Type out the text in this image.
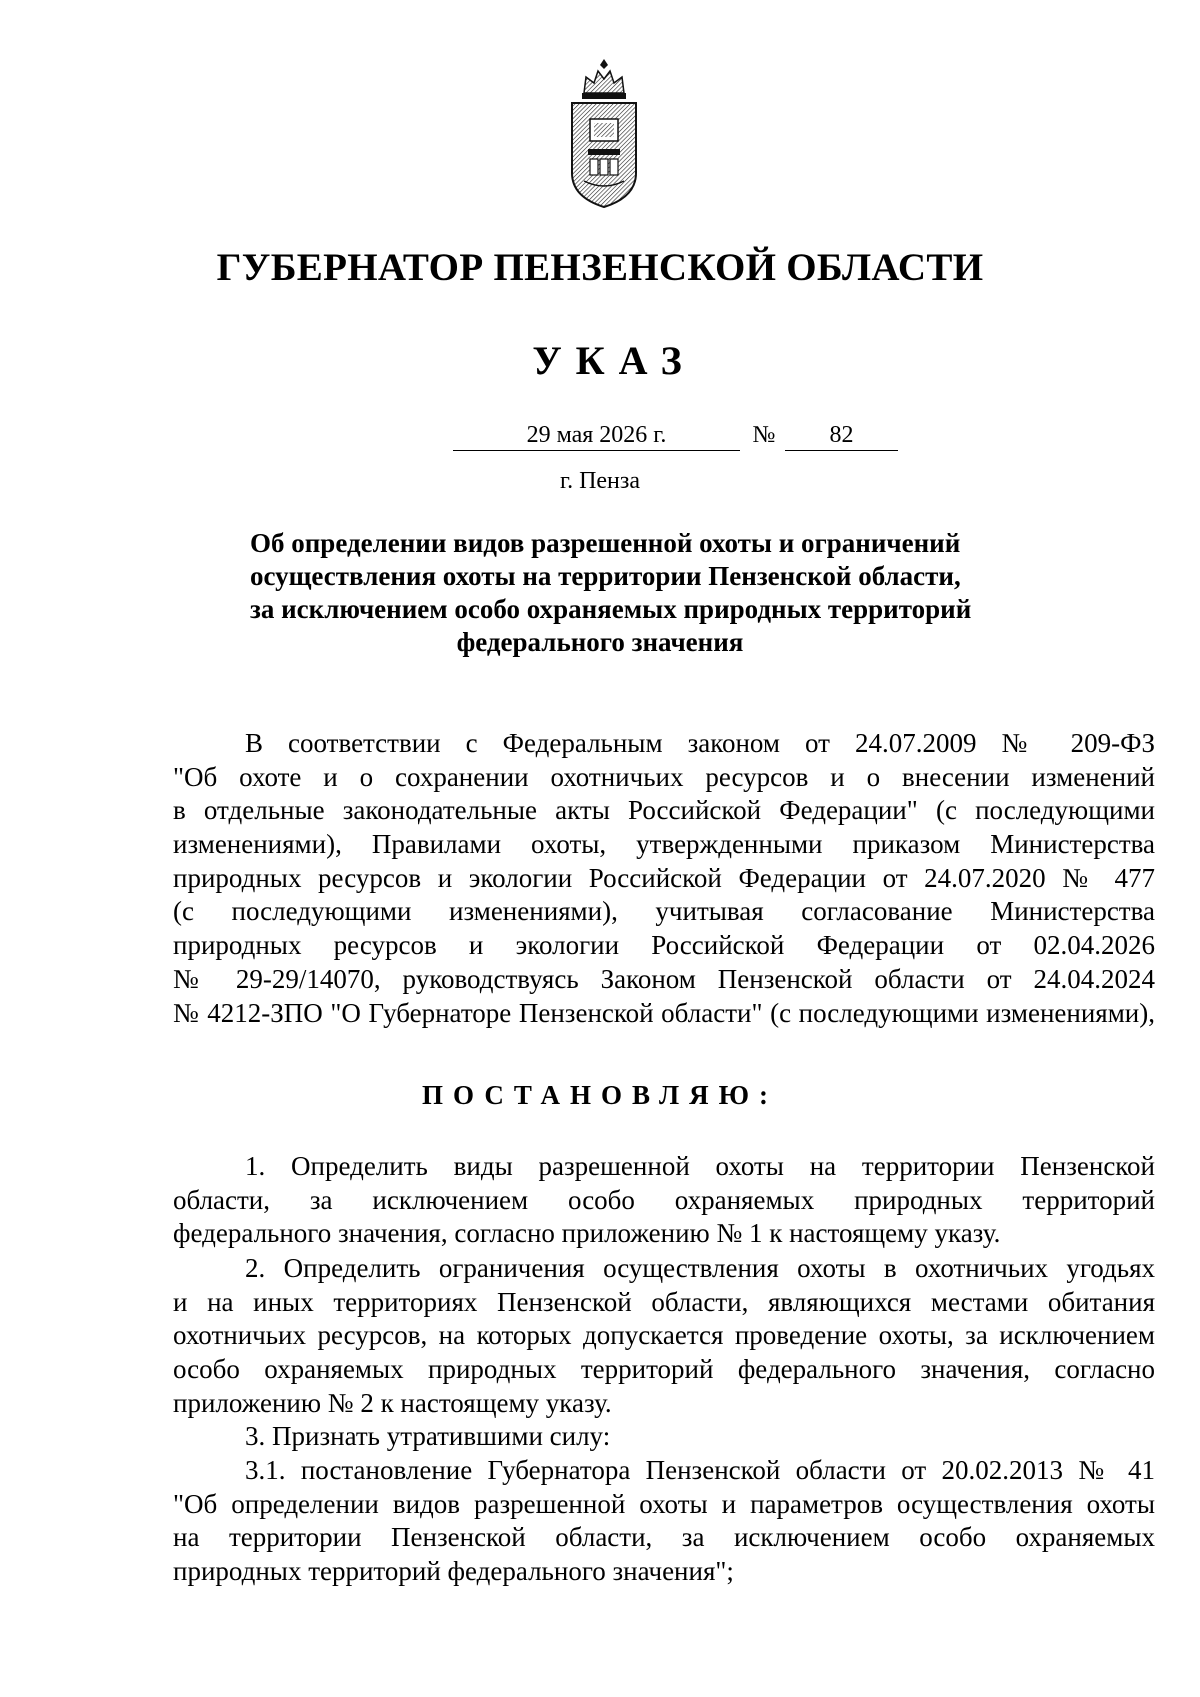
ГУБЕРНАТОР ПЕНЗЕНСКОЙ ОБЛАСТИ
УКАЗ
29 мая 2026 г.	№	82
г. Пенза
Об определении видов разрешенной охоты и ограничений
осуществления охоты на территории Пензенской области,
за исключением особо охраняемых природных территорий
федерального значения
В соответствии с Федеральным законом от 24.07.2009 № 209-ФЗ
"Об охоте и о сохранении охотничьих ресурсов и о внесении изменений
в отдельные законодательные акты Российской Федерации" (с последующими
изменениями), Правилами охоты, утвержденными приказом Министерства
природных ресурсов и экологии Российской Федерации от 24.07.2020 № 477
(с последующими изменениями), учитывая согласование Министерства
природных ресурсов и экологии Российской Федерации от 02.04.2026
№ 29-29/14070, руководствуясь Законом Пензенской области от 24.04.2024
№ 4212-ЗПО "О Губернаторе Пензенской области" (с последующими изменениями),
ПОСТАНОВЛЯЮ:
1. Определить виды разрешенной охоты на территории Пензенской
области, за исключением особо охраняемых природных территорий
федерального значения, согласно приложению № 1 к настоящему указу.
2. Определить ограничения осуществления охоты в охотничьих угодьях
и на иных территориях Пензенской области, являющихся местами обитания
охотничьих ресурсов, на которых допускается проведение охоты, за исключением
особо охраняемых природных территорий федерального значения, согласно
приложению № 2 к настоящему указу.
3. Признать утратившими силу:
3.1. постановление Губернатора Пензенской области от 20.02.2013 № 41
"Об определении видов разрешенной охоты и параметров осуществления охоты
на территории Пензенской области, за исключением особо охраняемых
природных территорий федерального значения";
